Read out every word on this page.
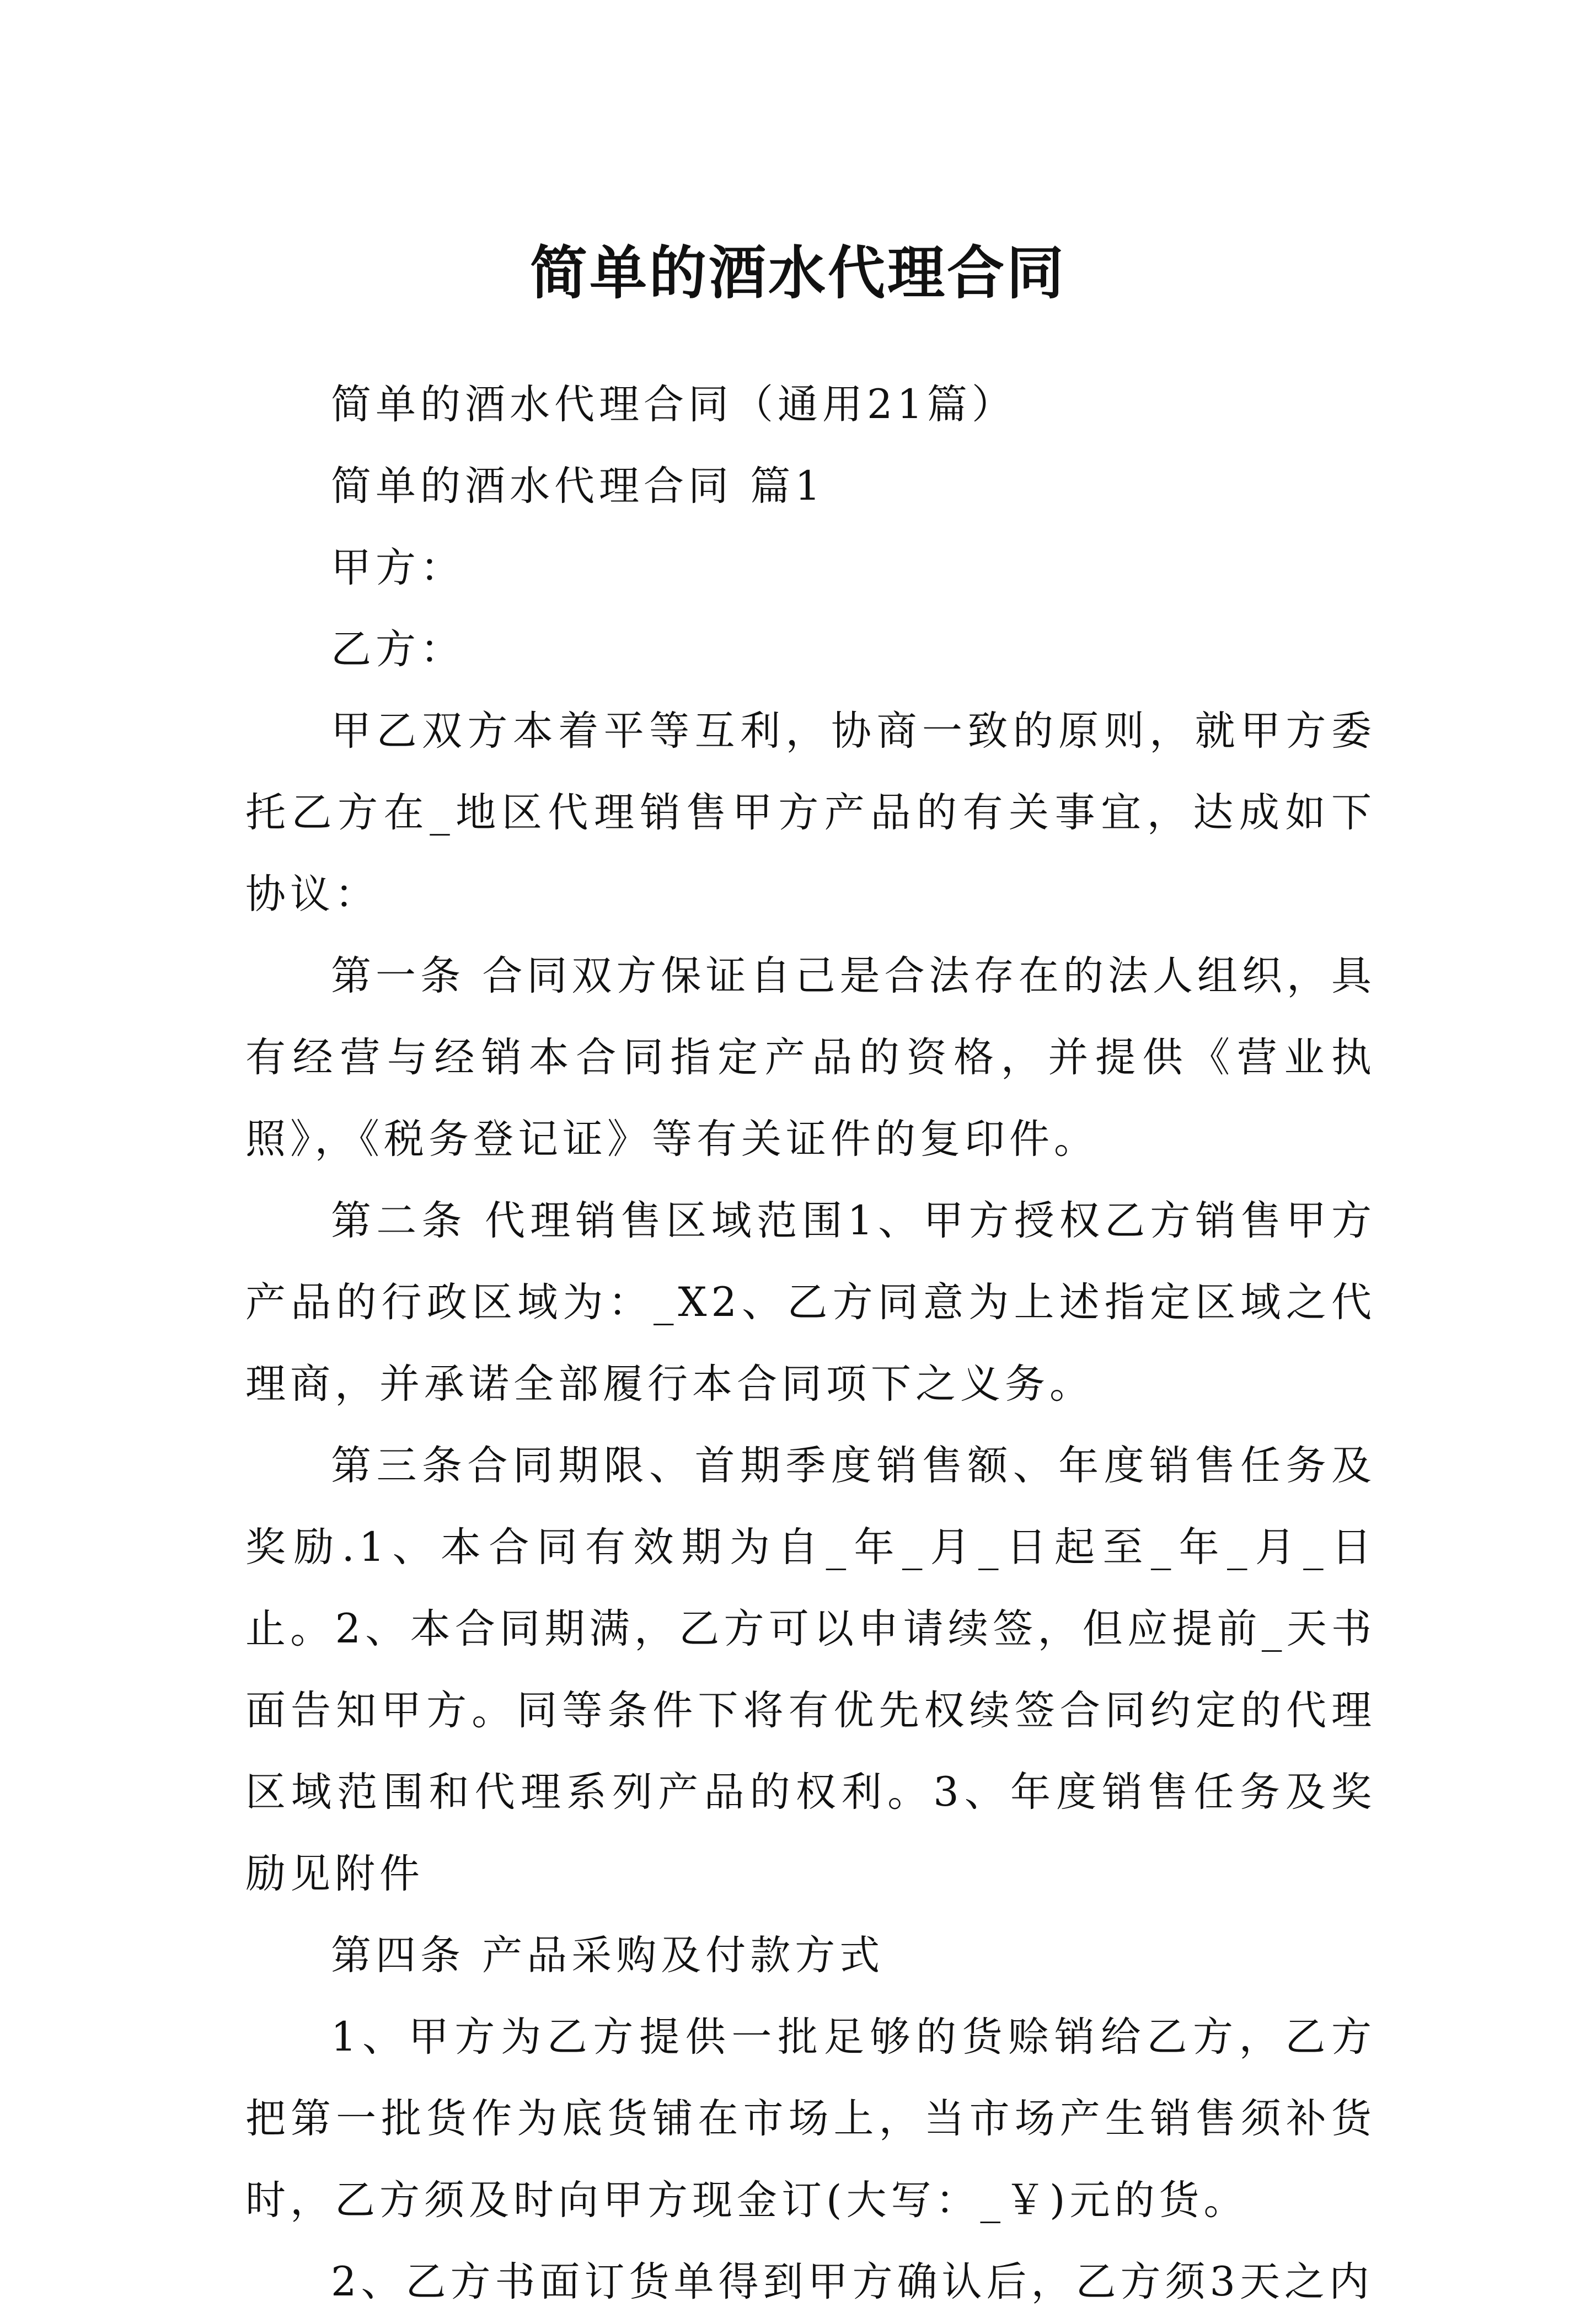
简单的酒水代理合同

简单的酒水代理合同（通用21篇）

简单的酒水代理合同 篇1

甲方：

乙方：

甲乙双方本着平等互利，协商一致的原则，就甲方委托乙方在_地区代理销售甲方产品的有关事宜，达成如下协议：

第一条 合同双方保证自己是合法存在的法人组织，具有经营与经销本合同指定产品的资格，并提供《营业执照》，《税务登记证》等有关证件的复印件。

第二条 代理销售区域范围1、甲方授权乙方销售甲方产品的行政区域为：_X2、乙方同意为上述指定区域之代理商，并承诺全部履行本合同项下之义务。

第三条合同期限、首期季度销售额、年度销售任务及奖励.1、本合同有效期为自_年_月_日起至_年_月_日止。2、本合同期满，乙方可以申请续签，但应提前_天书面告知甲方。同等条件下将有优先权续签合同约定的代理区域范围和代理系列产品的权利。3、年度销售任务及奖励见附件

第四条 产品采购及付款方式

1、甲方为乙方提供一批足够的货赊销给乙方，乙方把第一批货作为底货铺在市场上，当市场产生销售须补货时，乙方须及时向甲方现金订(大写：_￥)元的货。

2、乙方书面订货单得到甲方确认后，乙方须3天之内
